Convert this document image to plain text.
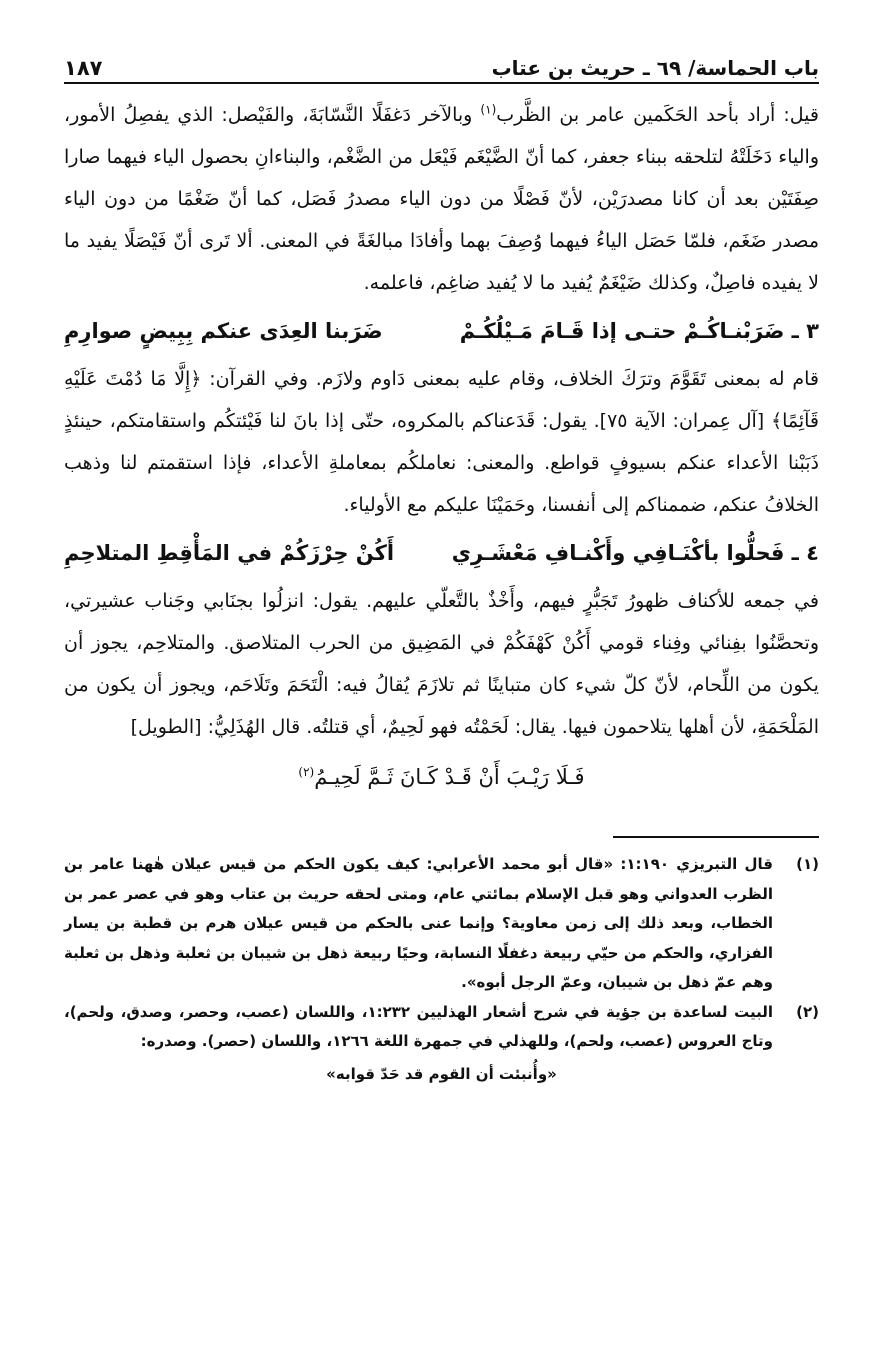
باب الحماسة/ ٦٩ ـ حريث بن عتاب
١٨٧

قيل: أراد بأحد الحَكَمين عامر بن الظَّرب$^{(١)}$ وبالآخر دَغفَلًا النَّسّابَةَ، والفَيْصل: الذي يفصِلُ الأمور، والياء دَخَلَتْهُ لتلحقه ببناء جعفر، كما أنّ الضَّيْغَم فَيْعَل من الضَّغْم، والبناءانِ بحصول الياء فيهما صارا صِفَتَيْن بعد أن كانا مصدرَيْن، لأنّ فَصْلًا من دون الياء مصدرُ فَصَل، كما أنّ ضَغْمًا من دون الياء مصدر ضَغَم، فلمّا حَصَل الياءُ فيهما وُصِفَ بهما وأفادَا مبالغَةً في المعنى. ألا تَرى أنّ فَيْصَلًا يفيد ما لا يفيده فاصِلٌ، وكذلك ضَيْغَمٌ يُفيد ما لا يُفيد ضاغِم، فاعلمه.

٣ ـ ضَرَبْنـاكُـمْ حتـى إذا قَـامَ مَـيْلُكُـمْ
ضَرَبنا العِدَى عنكم بِبِيضٍ صوارِمِ

قام له بمعنى تَقَوَّمَ وترَكَ الخلاف، وقام عليه بمعنى دَاوم ولازَم. وفي القرآن: ﴿إِلَّا مَا دُمْتَ عَلَيْهِ قَآئِمًا﴾ [آل عِمران: الآية ٧٥]. يقول: قَدَعناكم بالمكروه، حتّى إذا بانَ لنا فَيْئتكُم واستقامتكم، حينئذٍ ذَبَبْنا الأعداء عنكم بسيوفٍ قواطع. والمعنى: نعاملكُم بمعاملةِ الأعداء، فإذا استقمتم لنا وذهب الخلافُ عنكم، ضممناكم إلى أنفسنا، وحَمَيْنَا عليكم مع الأولياء.

٤ ـ فَحلُّوا بأكْنَـافِي وأَكْنـافِ مَعْشَـرِي
أَكُنْ حِرْزَكُمْ في المَأْقِطِ المتلاحِمِ

في جمعه للأكناف ظهورُ تَجَبُّرٍ فيهم، وأَخْذٌ بالتَّعلّي عليهم. يقول: انزلُوا بجنَابي وجَناب عشيرتي، وتحصَّنُوا بفِنائي وفِناء قومي أَكُنْ كَهْفَكُمْ في المَضِيق من الحرب المتلاصق. والمتلاحِم، يجوز أن يكون من اللِّحام، لأنّ كلّ شيء كان متباينًا ثم تلازَمَ يُقالُ فيه: الْتَحَمَ وتَلَاحَم، ويجوز أن يكون من المَلْحَمَةِ، لأن أهلها يتلاحمون فيها. يقال: لَحَمْتُه فهو لَحِيمٌ، أي قتلتُه. قال الهُذَلِيُّ: [الطويل]

فَـلَا رَيْـبَ أَنْ قَـدْ كَـانَ ثَـمَّ لَحِيـمُ$^{(٢)}$
(١)
قال التبريزي ١:١٩٠: «قال أبو محمد الأعرابي: كيف يكون الحكم من قيس عيلان هٰهنا عامر بن الظرب العدواني وهو قبل الإسلام بمائتي عام، ومتى لحقه حريث بن عتاب وهو في عصر عمر بن الخطاب، وبعد ذلك إلى زمن معاوية؟ وإنما عنى بالحكم من قيس عيلان هرم بن قطبة بن يسار الفزاري، والحكم من حيّي ربيعة دغفلًا النسابة، وحيًا ربيعة ذهل بن شيبان بن ثعلبة وذهل بن ثعلبة وهم عمّ ذهل بن شيبان، وعمّ الرجل أبوه».
(٢)
البيت لساعدة بن جؤية في شرح أشعار الهذليين ١:٢٣٢، واللسان (عصب، وحصر، وصدق، ولحم)، وتاج العروس (عصب، ولحم)، وللهذلي في جمهرة اللغة ١٢٦٦، واللسان (حصر). وصدره:
«وأُنبئت أن القوم قد حَدّ قوابه»
